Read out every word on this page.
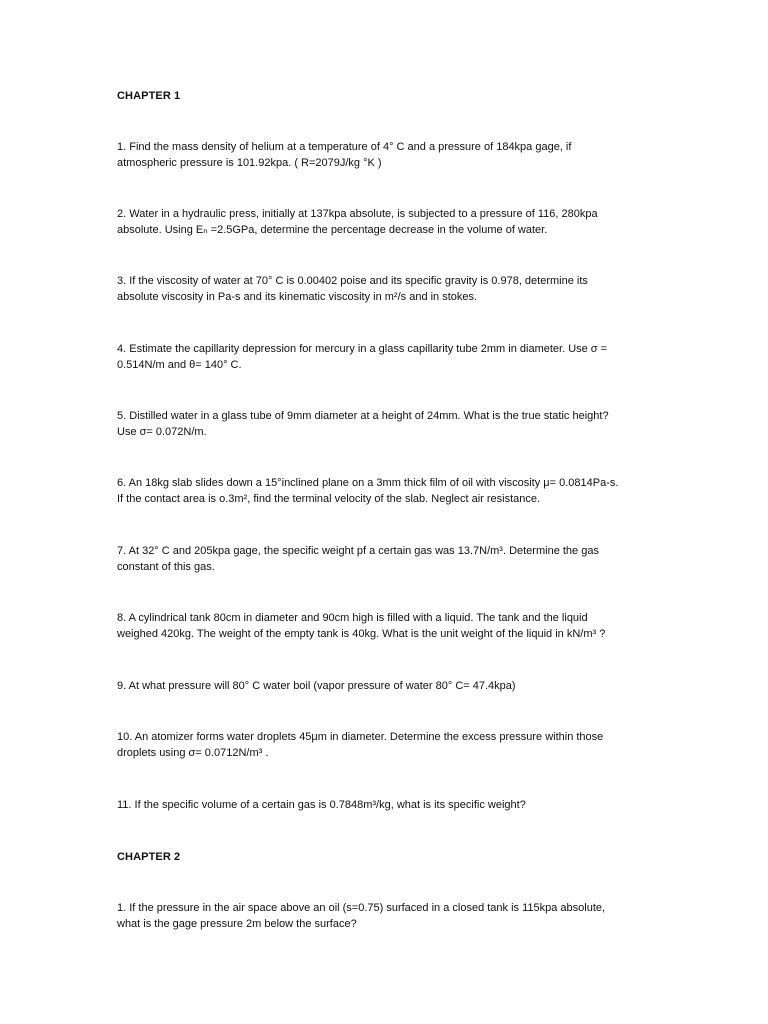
CHAPTER 1
1. Find the mass density of helium at a temperature of 4° C and a pressure of 184kpa gage, if
atmospheric pressure is 101.92kpa. ( R=2079J/kg °K )
2. Water in a hydraulic press, initially at 137kpa absolute, is subjected to a pressure of 116, 280kpa
absolute. Using Eₙ =2.5GPa, determine the percentage decrease in the volume of water.
3. If the viscosity of water at 70° C is 0.00402 poise and its specific gravity is 0.978, determine its
absolute viscosity in Pa-s and its kinematic viscosity in m²/s and in stokes.
4. Estimate the capillarity depression for mercury in a glass capillarity tube 2mm in diameter. Use σ =
0.514N/m and θ= 140° C.
5. Distilled water in a glass tube of 9mm diameter at a height of 24mm. What is the true static height?
Use σ= 0.072N/m.
6. An 18kg slab slides down a 15°inclined plane on a 3mm thick film of oil with viscosity μ= 0.0814Pa-s.
If the contact area is o.3m², find the terminal velocity of the slab. Neglect air resistance.
7. At 32° C and 205kpa gage, the specific weight pf a certain gas was 13.7N/m³. Determine the gas
constant of this gas.
8. A cylindrical tank 80cm in diameter and 90cm high is filled with a liquid. The tank and the liquid
weighed 420kg. The weight of the empty tank is 40kg. What is the unit weight of the liquid in kN/m³ ?
9. At what pressure will 80° C water boil (vapor pressure of water 80° C= 47.4kpa)
10. An atomizer forms water droplets 45μm in diameter. Determine the excess pressure within those
droplets using σ= 0.0712N/m³ .
11. If the specific volume of a certain gas is 0.7848m³/kg, what is its specific weight?
CHAPTER 2
1. If the pressure in the air space above an oil (s=0.75) surfaced in a closed tank is 115kpa absolute,
what is the gage pressure 2m below the surface?
